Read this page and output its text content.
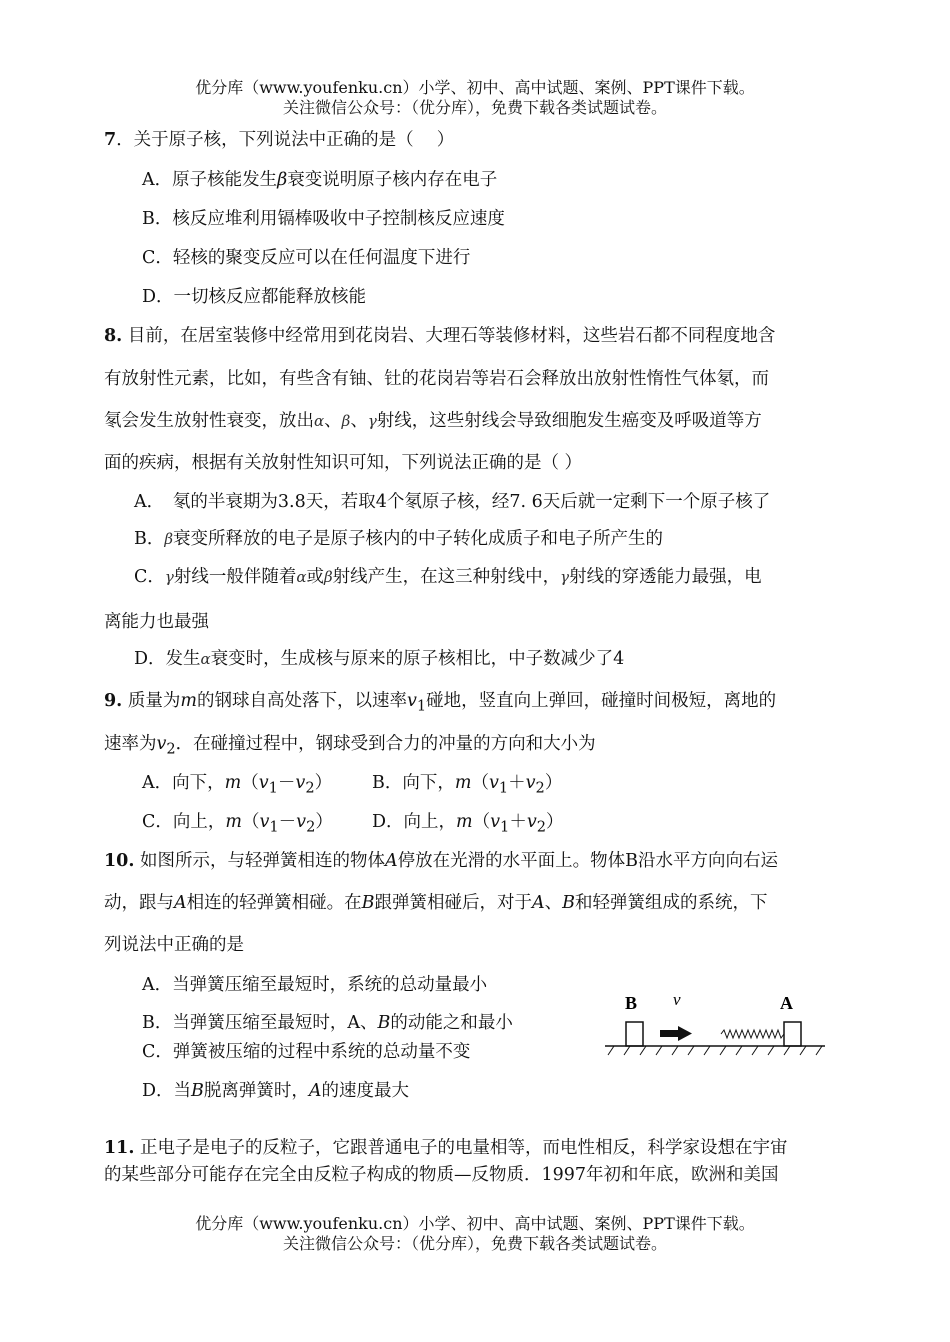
优分库（www.youfenku.cn）小学、初中、高中试题、案例、PPT课件下载。
关注微信公众号：（优分库），免费下载各类试题试卷。
7．关于原子核，下列说法中正确的是（　 ）
A．原子核能发生β衰变说明原子核内存在电子
B．核反应堆利用镉棒吸收中子控制核反应速度
C．轻核的聚变反应可以在任何温度下进行
D．一切核反应都能释放核能
8. 目前，在居室装修中经常用到花岗岩、大理石等装修材料，这些岩石都不同程度地含
有放射性元素，比如，有些含有铀、钍的花岗岩等岩石会释放出放射性惰性气体氡，而
氡会发生放射性衰变，放出α、β、γ射线，这些射线会导致细胞发生癌变及呼吸道等方
面的疾病，根据有关放射性知识可知，下列说法正确的是（ ）
A．　氡的半衰期为3.8天，若取4个氡原子核，经7. 6天后就一定剩下一个原子核了
B．β衰变所释放的电子是原子核内的中子转化成质子和电子所产生的
C．γ射线一般伴随着α或β射线产生，在这三种射线中，γ射线的穿透能力最强，电
离能力也最强
D．发生α衰变时，生成核与原来的原子核相比，中子数减少了4
9. 质量为m的钢球自高处落下，以速率$v_1$碰地，竖直向上弹回，碰撞时间极短，离地的
速率为$v_2$．在碰撞过程中，钢球受到合力的冲量的方向和大小为
A．向下，$m(v_1-v_2)$ B．向下，$m(v_1+v_2)$
C．向上，$m(v_1-v_2)$ D．向上，$m(v_1+v_2)$
10. 如图所示，与轻弹簧相连的物体A停放在光滑的水平面上。物体B沿水平方向向右运
动，跟与A相连的轻弹簧相碰。在B跟弹簧相碰后，对于A、B和轻弹簧组成的系统，下
列说法中正确的是
A．当弹簧压缩至最短时，系统的总动量最小
B．当弹簧压缩至最短时，A、B的动能之和最小
C．弹簧被压缩的过程中系统的总动量不变
D．当B脱离弹簧时，A的速度最大
B v	A
11. 正电子是电子的反粒子，它跟普通电子的电量相等，而电性相反，科学家设想在宇宙
的某些部分可能存在完全由反粒子构成的物质—反物质．1997年初和年底，欧洲和美国
优分库（www.youfenku.cn）小学、初中、高中试题、案例、PPT课件下载。
关注微信公众号：（优分库），免费下载各类试题试卷。
